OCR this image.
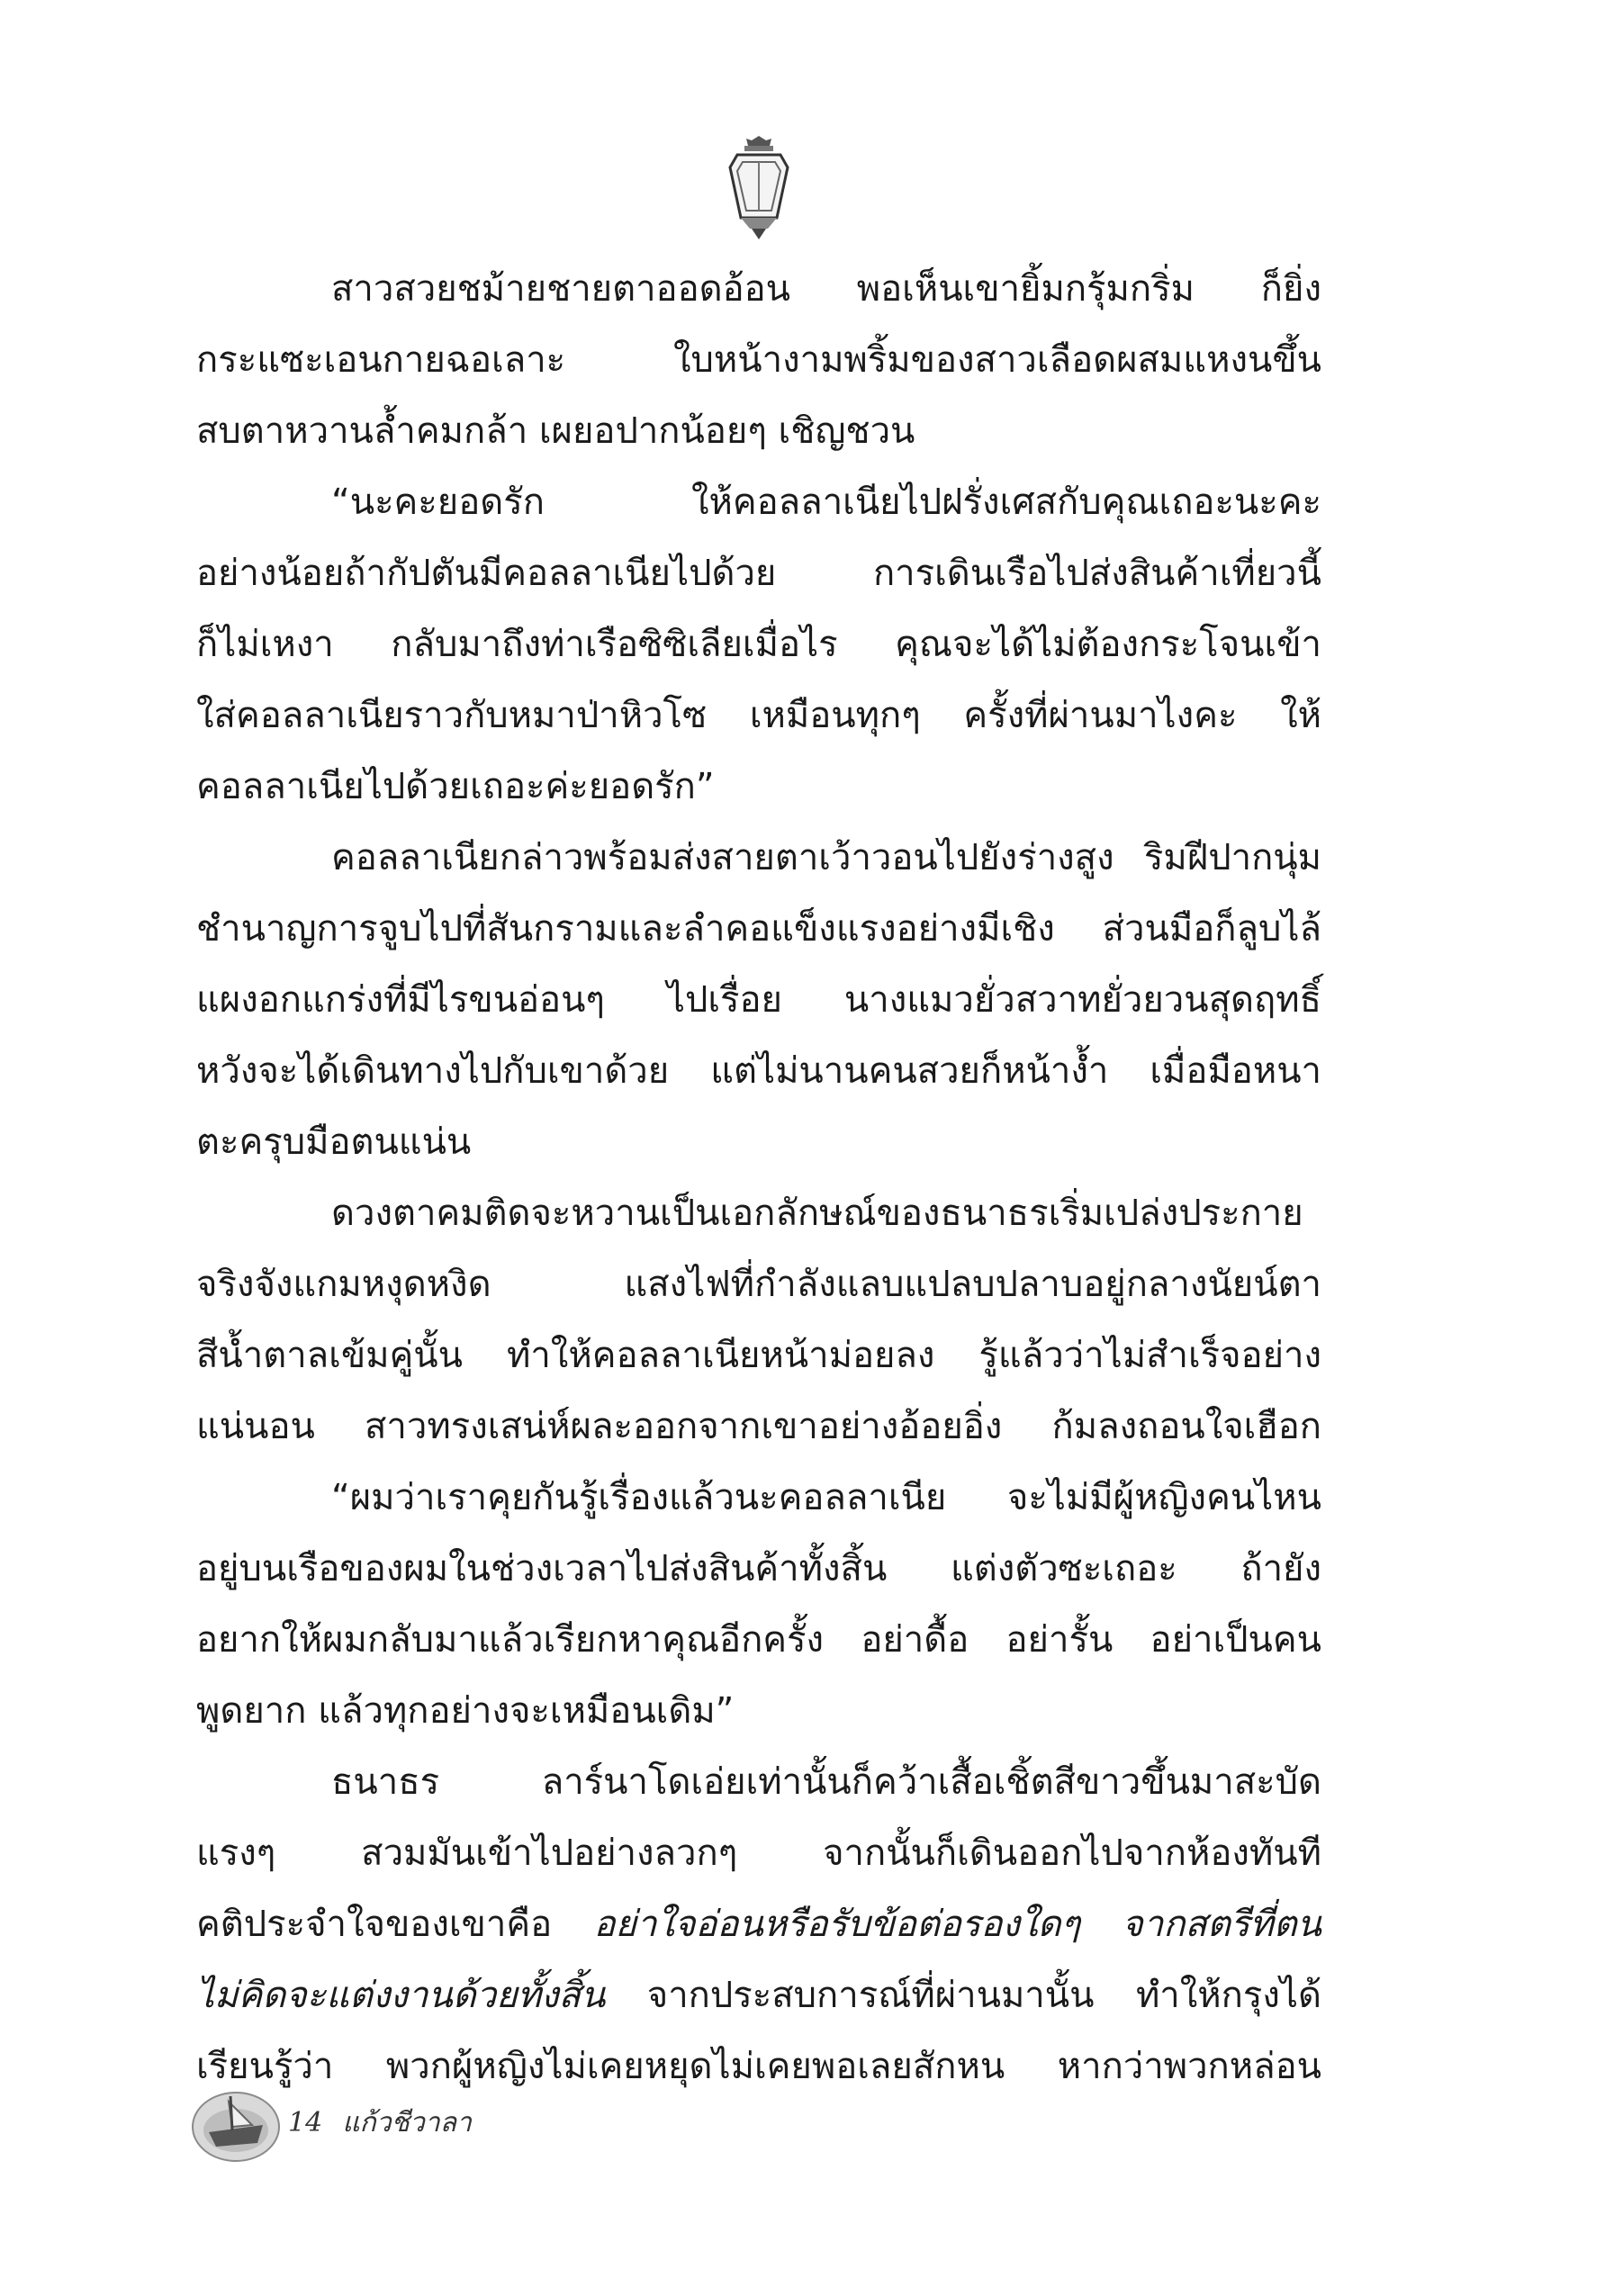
สาวสวยชม้ายชายตาออดอ้อน พอเห็นเขายิ้มกรุ้มกริ่ม ก็ยิ่ง
กระแซะเอนกายฉอเลาะ ใบหน้างามพริ้มของสาวเลือดผสมแหงนขึ้น
สบตาหวานล้ำคมกล้า เผยอปากน้อยๆ เชิญชวน
“นะคะยอดรัก ให้คอลลาเนียไปฝรั่งเศสกับคุณเถอะนะคะ
อย่างน้อยถ้ากัปตันมีคอลลาเนียไปด้วย การเดินเรือไปส่งสินค้าเที่ยวนี้
ก็ไม่เหงา กลับมาถึงท่าเรือซิซิเลียเมื่อไร คุณจะได้ไม่ต้องกระโจนเข้า
ใส่คอลลาเนียราวกับหมาป่าหิวโซ เหมือนทุกๆ ครั้งที่ผ่านมาไงคะ ให้
คอลลาเนียไปด้วยเถอะค่ะยอดรัก”
คอลลาเนียกล่าวพร้อมส่งสายตาเว้าวอนไปยังร่างสูง ริมฝีปากนุ่ม
ชำนาญการจูบไปที่สันกรามและลำคอแข็งแรงอย่างมีเชิง ส่วนมือก็ลูบไล้
แผงอกแกร่งที่มีไรขนอ่อนๆ ไปเรื่อย นางแมวยั่วสวาทยั่วยวนสุดฤทธิ์
หวังจะได้เดินทางไปกับเขาด้วย แต่ไม่นานคนสวยก็หน้างํ้า เมื่อมือหนา
ตะครุบมือตนแน่น
ดวงตาคมติดจะหวานเป็นเอกลักษณ์ของธนาธรเริ่มเปล่งประกาย
จริงจังแกมหงุดหงิด แสงไฟที่กำลังแลบแปลบปลาบอยู่กลางนัยน์ตา
สีน้ำตาลเข้มคู่นั้น ทำให้คอลลาเนียหน้าม่อยลง รู้แล้วว่าไม่สำเร็จอย่าง
แน่นอน สาวทรงเสน่ห์ผละออกจากเขาอย่างอ้อยอิ่ง ก้มลงถอนใจเฮือก
“ผมว่าเราคุยกันรู้เรื่องแล้วนะคอลลาเนีย จะไม่มีผู้หญิงคนไหน
อยู่บนเรือของผมในช่วงเวลาไปส่งสินค้าทั้งสิ้น แต่งตัวซะเถอะ ถ้ายัง
อยากให้ผมกลับมาแล้วเรียกหาคุณอีกครั้ง อย่าดื้อ อย่ารั้น อย่าเป็นคน
พูดยาก แล้วทุกอย่างจะเหมือนเดิม”
ธนาธร ลาร์นาโดเอ่ยเท่านั้นก็คว้าเสื้อเชิ้ตสีขาวขึ้นมาสะบัด
แรงๆ สวมมันเข้าไปอย่างลวกๆ จากนั้นก็เดินออกไปจากห้องทันที
คติประจำใจของเขาคือ อย่าใจอ่อนหรือรับข้อต่อรองใดๆ จากสตรีที่ตน
ไม่คิดจะแต่งงานด้วยทั้งสิ้น จากประสบการณ์ที่ผ่านมานั้น ทำให้กรุงได้
เรียนรู้ว่า พวกผู้หญิงไม่เคยหยุดไม่เคยพอเลยสักหน หากว่าพวกหล่อน
14 แก้วชีวาลา
